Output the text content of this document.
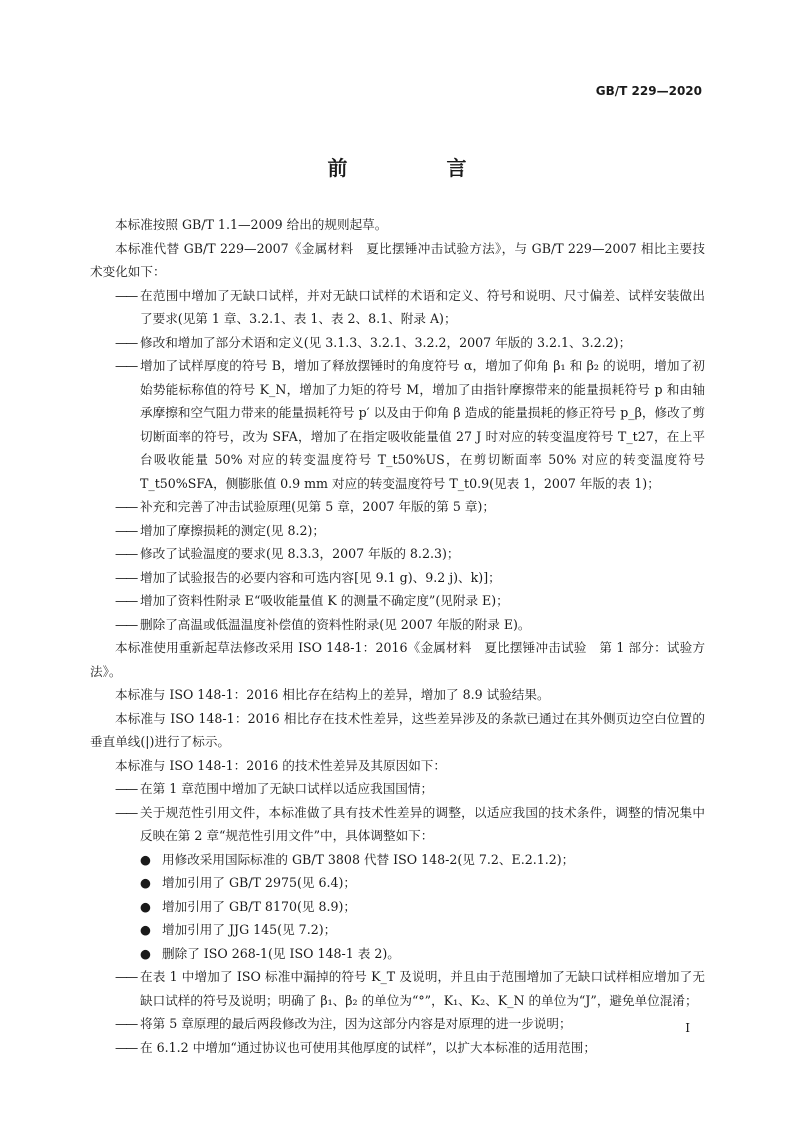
GB/T 229—2020
前 言

本标准按照 GB/T 1.1—2009 给出的规则起草。

本标准代替 GB/T 229—2007《金属材料　夏比摆锤冲击试验方法》，与 GB/T 229—2007 相比主要技术变化如下：

—— 在范围中增加了无缺口试样，并对无缺口试样的术语和定义、符号和说明、尺寸偏差、试样安装做出了要求(见第 1 章、3.2.1、表 1、表 2、8.1、附录 A)；
—— 修改和增加了部分术语和定义(见 3.1.3、3.2.1、3.2.2，2007 年版的 3.2.1、3.2.2)；
—— 增加了试样厚度的符号 B，增加了释放摆锤时的角度符号 α，增加了仰角 β₁ 和 β₂ 的说明，增加了初始势能标称值的符号 K_N，增加了力矩的符号 M，增加了由指针摩擦带来的能量损耗符号 p 和由轴承摩擦和空气阻力带来的能量损耗符号 p′ 以及由于仰角 β 造成的能量损耗的修正符号 p_β，修改了剪切断面率的符号，改为 SFA，增加了在指定吸收能量值 27 J 时对应的转变温度符号 T_t27，在上平台吸收能量 50% 对应的转变温度符号 T_t50%US，在剪切断面率 50% 对应的转变温度符号 T_t50%SFA，侧膨胀值 0.9 mm 对应的转变温度符号 T_t0.9(见表 1，2007 年版的表 1)；
—— 补充和完善了冲击试验原理(见第 5 章，2007 年版的第 5 章)；
—— 增加了摩擦损耗的测定(见 8.2)；
—— 修改了试验温度的要求(见 8.3.3，2007 年版的 8.2.3)；
—— 增加了试验报告的必要内容和可选内容[见 9.1 g)、9.2 j)、k)]；
—— 增加了资料性附录 E“吸收能量值 K 的测量不确定度”(见附录 E)；
—— 删除了高温或低温温度补偿值的资料性附录(见 2007 年版的附录 E)。

本标准使用重新起草法修改采用 ISO 148-1：2016《金属材料　夏比摆锤冲击试验　第 1 部分：试验方法》。

本标准与 ISO 148-1：2016 相比存在结构上的差异，增加了 8.9 试验结果。

本标准与 ISO 148-1：2016 相比存在技术性差异，这些差异涉及的条款已通过在其外侧页边空白位置的垂直单线(|)进行了标示。

本标准与 ISO 148-1：2016 的技术性差异及其原因如下：

—— 在第 1 章范围中增加了无缺口试样以适应我国国情；
—— 关于规范性引用文件，本标准做了具有技术性差异的调整，以适应我国的技术条件，调整的情况集中反映在第 2 章“规范性引用文件”中，具体调整如下：
● 用修改采用国际标准的 GB/T 3808 代替 ISO 148-2(见 7.2、E.2.1.2)；
● 增加引用了 GB/T 2975(见 6.4)；
● 增加引用了 GB/T 8170(见 8.9)；
● 增加引用了 JJG 145(见 7.2)；
● 删除了 ISO 268-1(见 ISO 148-1 表 2)。
—— 在表 1 中增加了 ISO 标准中漏掉的符号 K_T 及说明，并且由于范围增加了无缺口试样相应增加了无缺口试样的符号及说明；明确了 β₁、β₂ 的单位为“°”，K₁、K₂、K_N 的单位为“J”，避免单位混淆；
—— 将第 5 章原理的最后两段修改为注，因为这部分内容是对原理的进一步说明；
—— 在 6.1.2 中增加“通过协议也可使用其他厚度的试样”，以扩大本标准的适用范围；
I
